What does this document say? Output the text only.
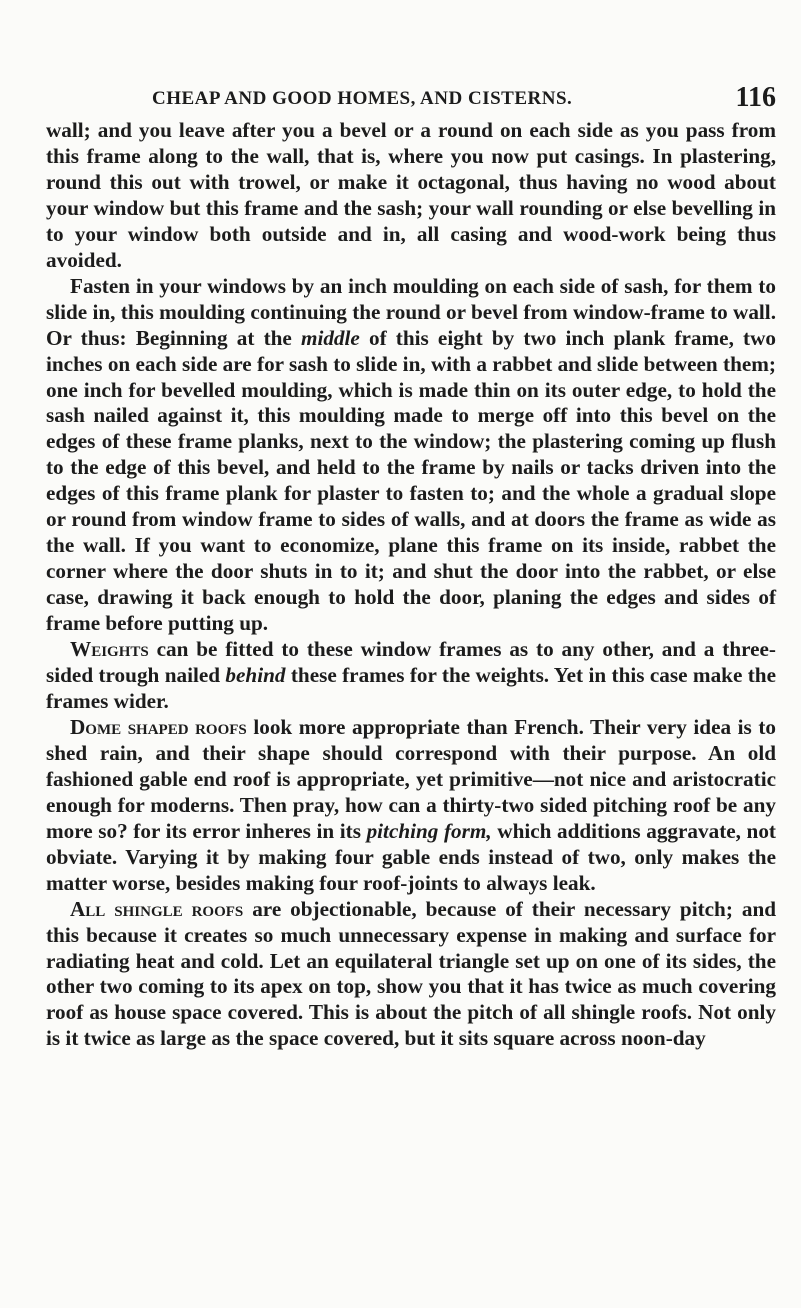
CHEAP AND GOOD HOMES, AND CISTERNS.	116

wall; and you leave after you a bevel or a round on each side as you pass from this frame along to the wall, that is, where you now put casings. In plastering, round this out with trowel, or make it octagonal, thus having no wood about your window but this frame and the sash; your wall rounding or else bevelling in to your window both outside and in, all casing and wood-work being thus avoided.

Fasten in your windows by an inch moulding on each side of sash, for them to slide in, this moulding continuing the round or bevel from window-frame to wall. Or thus: Beginning at the middle of this eight by two inch plank frame, two inches on each side are for sash to slide in, with a rabbet and slide between them; one inch for bevelled moulding, which is made thin on its outer edge, to hold the sash nailed against it, this moulding made to merge off into this bevel on the edges of these frame planks, next to the window; the plastering coming up flush to the edge of this bevel, and held to the frame by nails or tacks driven into the edges of this frame plank for plaster to fasten to; and the whole a gradual slope or round from window frame to sides of walls, and at doors the frame as wide as the wall. If you want to economize, plane this frame on its inside, rabbet the corner where the door shuts in to it; and shut the door into the rabbet, or else case, drawing it back enough to hold the door, planing the edges and sides of frame before putting up.

Weights can be fitted to these window frames as to any other, and a three-sided trough nailed behind these frames for the weights. Yet in this case make the frames wider.

Dome shaped roofs look more appropriate than French. Their very idea is to shed rain, and their shape should correspond with their purpose. An old fashioned gable end roof is appropriate, yet primitive—not nice and aristocratic enough for moderns. Then pray, how can a thirty-two sided pitching roof be any more so? for its error inheres in its pitching form, which additions aggravate, not obviate. Varying it by making four gable ends instead of two, only makes the matter worse, besides making four roof-joints to always leak.

All shingle roofs are objectionable, because of their necessary pitch; and this because it creates so much unnecessary expense in making and surface for radiating heat and cold. Let an equilateral triangle set up on one of its sides, the other two coming to its apex on top, show you that it has twice as much covering roof as house space covered. This is about the pitch of all shingle roofs. Not only is it twice as large as the space covered, but it sits square across noon-day
